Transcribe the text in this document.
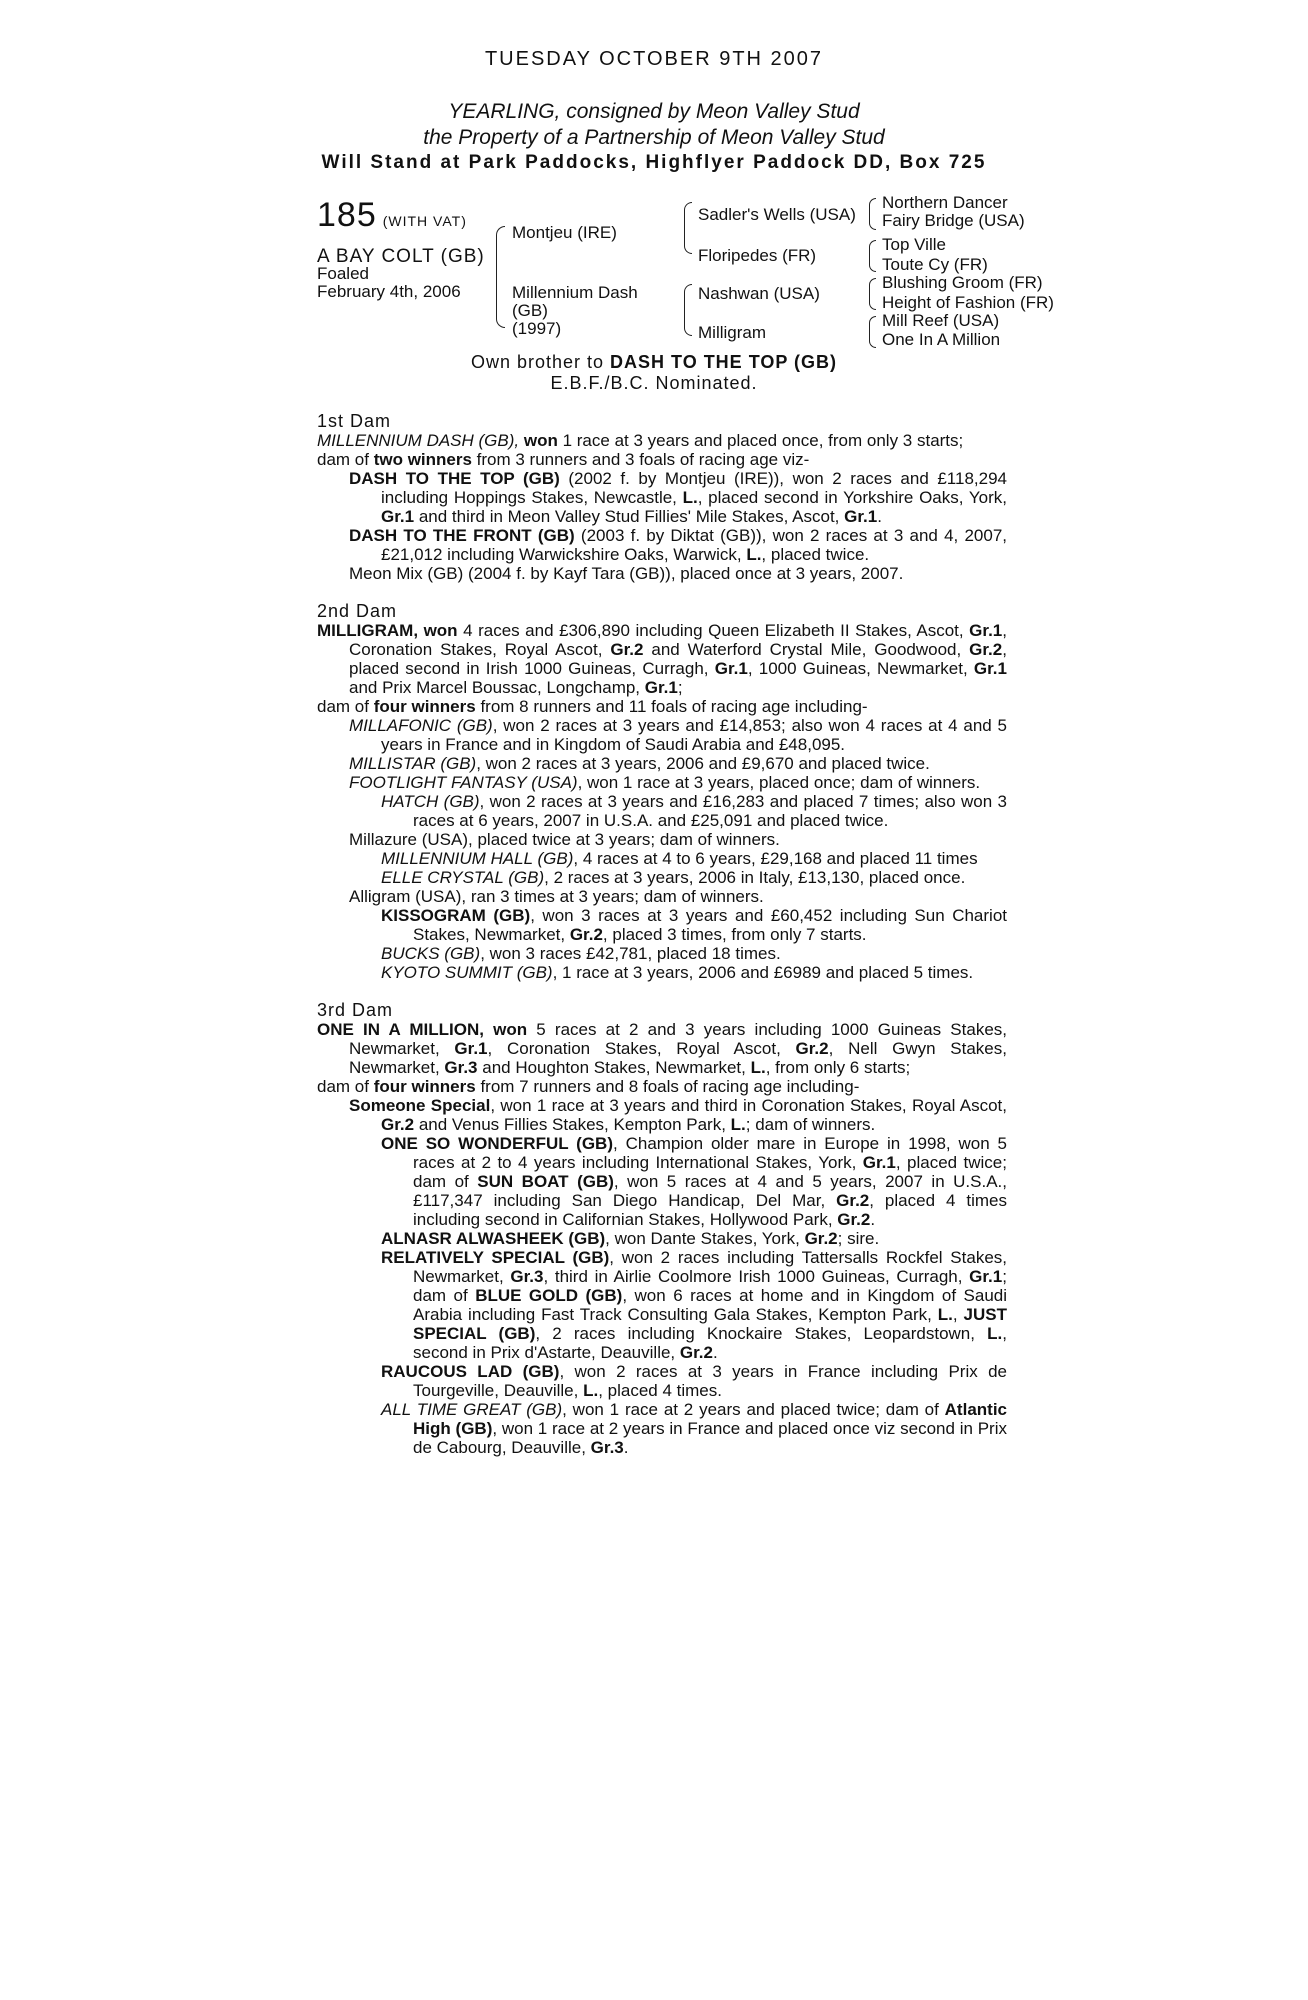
TUESDAY OCTOBER 9TH 2007
YEARLING, consigned by Meon Valley Stud
the Property of a Partnership of Meon Valley Stud
Will Stand at Park Paddocks, Highflyer Paddock DD, Box 725
185 (WITH VAT)
A BAY COLT (GB)
Foaled
February 4th, 2006
Montjeu (IRE)
Millennium Dash
(GB)
(1997)
Sadler's Wells (USA)
Floripedes (FR)
Nashwan (USA)
Milligram
Northern Dancer
Fairy Bridge (USA)
Top Ville
Toute Cy (FR)
Blushing Groom (FR)
Height of Fashion (FR)
Mill Reef (USA)
One In A Million
Own brother to DASH TO THE TOP (GB)
E.B.F./B.C. Nominated.

1st Dam

MILLENNIUM DASH (GB), won 1 race at 3 years and placed once, from only 3 starts;

dam of two winners from 3 runners and 3 foals of racing age viz-

DASH TO THE TOP (GB) (2002 f. by Montjeu (IRE)), won 2 races and £118,294 including Hoppings Stakes, Newcastle, L., placed second in Yorkshire Oaks, York, Gr.1 and third in Meon Valley Stud Fillies' Mile Stakes, Ascot, Gr.1.

DASH TO THE FRONT (GB) (2003 f. by Diktat (GB)), won 2 races at 3 and 4, 2007, £21,012 including Warwickshire Oaks, Warwick, L., placed twice.

Meon Mix (GB) (2004 f. by Kayf Tara (GB)), placed once at 3 years, 2007.

2nd Dam

MILLIGRAM, won 4 races and £306,890 including Queen Elizabeth II Stakes, Ascot, Gr.1, Coronation Stakes, Royal Ascot, Gr.2 and Waterford Crystal Mile, Goodwood, Gr.2, placed second in Irish 1000 Guineas, Curragh, Gr.1, 1000 Guineas, Newmarket, Gr.1 and Prix Marcel Boussac, Longchamp, Gr.1;

dam of four winners from 8 runners and 11 foals of racing age including-

MILLAFONIC (GB), won 2 races at 3 years and £14,853; also won 4 races at 4 and 5 years in France and in Kingdom of Saudi Arabia and £48,095.

MILLISTAR (GB), won 2 races at 3 years, 2006 and £9,670 and placed twice.

FOOTLIGHT FANTASY (USA), won 1 race at 3 years, placed once; dam of winners.

HATCH (GB), won 2 races at 3 years and £16,283 and placed 7 times; also won 3 races at 6 years, 2007 in U.S.A. and £25,091 and placed twice.

Millazure (USA), placed twice at 3 years; dam of winners.

MILLENNIUM HALL (GB), 4 races at 4 to 6 years, £29,168 and placed 11 times

ELLE CRYSTAL (GB), 2 races at 3 years, 2006 in Italy, £13,130, placed once.

Alligram (USA), ran 3 times at 3 years; dam of winners.

KISSOGRAM (GB), won 3 races at 3 years and £60,452 including Sun Chariot Stakes, Newmarket, Gr.2, placed 3 times, from only 7 starts.

BUCKS (GB), won 3 races £42,781, placed 18 times.

KYOTO SUMMIT (GB), 1 race at 3 years, 2006 and £6989 and placed 5 times.

3rd Dam

ONE IN A MILLION, won 5 races at 2 and 3 years including 1000 Guineas Stakes, Newmarket, Gr.1, Coronation Stakes, Royal Ascot, Gr.2, Nell Gwyn Stakes, Newmarket, Gr.3 and Houghton Stakes, Newmarket, L., from only 6 starts;

dam of four winners from 7 runners and 8 foals of racing age including-

Someone Special, won 1 race at 3 years and third in Coronation Stakes, Royal Ascot, Gr.2 and Venus Fillies Stakes, Kempton Park, L.; dam of winners.

ONE SO WONDERFUL (GB), Champion older mare in Europe in 1998, won 5 races at 2 to 4 years including International Stakes, York, Gr.1, placed twice; dam of SUN BOAT (GB), won 5 races at 4 and 5 years, 2007 in U.S.A., £117,347 including San Diego Handicap, Del Mar, Gr.2, placed 4 times including second in Californian Stakes, Hollywood Park, Gr.2.

ALNASR ALWASHEEK (GB), won Dante Stakes, York, Gr.2; sire.

RELATIVELY SPECIAL (GB), won 2 races including Tattersalls Rockfel Stakes, Newmarket, Gr.3, third in Airlie Coolmore Irish 1000 Guineas, Curragh, Gr.1; dam of BLUE GOLD (GB), won 6 races at home and in Kingdom of Saudi Arabia including Fast Track Consulting Gala Stakes, Kempton Park, L., JUST SPECIAL (GB), 2 races including Knockaire Stakes, Leopardstown, L., second in Prix d'Astarte, Deauville, Gr.2.

RAUCOUS LAD (GB), won 2 races at 3 years in France including Prix de Tourgeville, Deauville, L., placed 4 times.

ALL TIME GREAT (GB), won 1 race at 2 years and placed twice; dam of Atlantic High (GB), won 1 race at 2 years in France and placed once viz second in Prix de Cabourg, Deauville, Gr.3.
